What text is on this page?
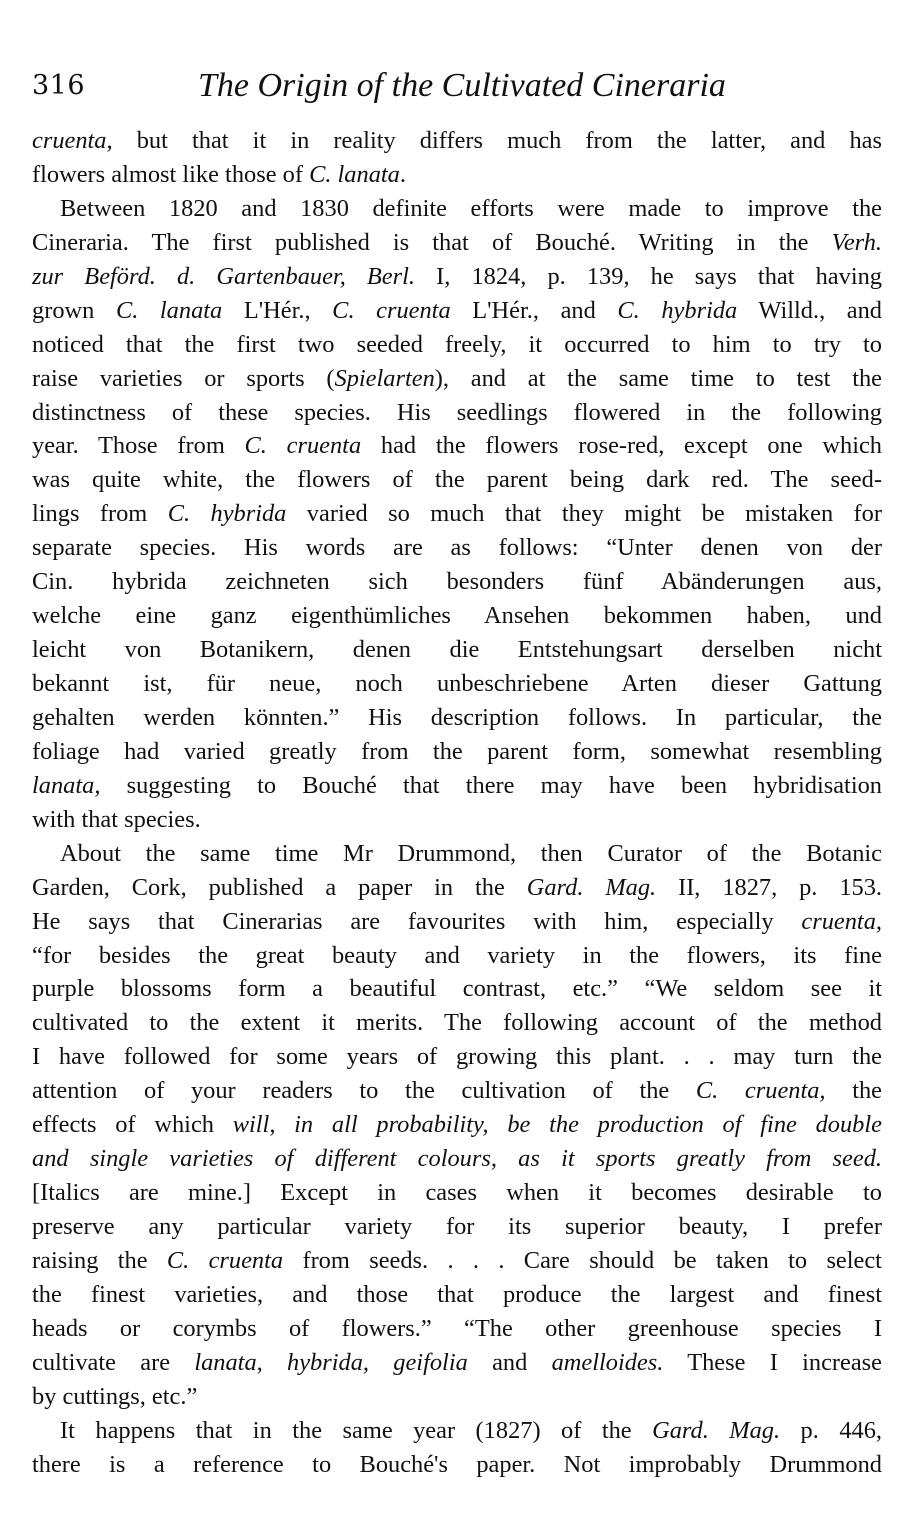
316	The Origin of the Cultivated Cineraria
cruenta, but that it in reality differs much from the latter, and has
flowers almost like those of C. lanata.
Between 1820 and 1830 definite efforts were made to improve the
Cineraria. The first published is that of Bouché. Writing in the Verh.
zur Beförd. d. Gartenbauer, Berl. I, 1824, p. 139, he says that having
grown C. lanata L'Hér., C. cruenta L'Hér., and C. hybrida Willd., and
noticed that the first two seeded freely, it occurred to him to try to
raise varieties or sports (Spielarten), and at the same time to test the
distinctness of these species. His seedlings flowered in the following
year. Those from C. cruenta had the flowers rose-red, except one which
was quite white, the flowers of the parent being dark red. The seed-
lings from C. hybrida varied so much that they might be mistaken for
separate species. His words are as follows: “Unter denen von der
Cin. hybrida zeichneten sich besonders fünf Abänderungen aus,
welche eine ganz eigenthümliches Ansehen bekommen haben, und
leicht von Botanikern, denen die Entstehungsart derselben nicht
bekannt ist, für neue, noch unbeschriebene Arten dieser Gattung
gehalten werden könnten.” His description follows. In particular, the
foliage had varied greatly from the parent form, somewhat resembling
lanata, suggesting to Bouché that there may have been hybridisation
with that species.
About the same time Mr Drummond, then Curator of the Botanic
Garden, Cork, published a paper in the Gard. Mag. II, 1827, p. 153.
He says that Cinerarias are favourites with him, especially cruenta,
“for besides the great beauty and variety in the flowers, its fine
purple blossoms form a beautiful contrast, etc.” “We seldom see it
cultivated to the extent it merits. The following account of the method
I have followed for some years of growing this plant. . . may turn the
attention of your readers to the cultivation of the C. cruenta, the
effects of which will, in all probability, be the production of fine double
and single varieties of different colours, as it sports greatly from seed.
[Italics are mine.] Except in cases when it becomes desirable to
preserve any particular variety for its superior beauty, I prefer
raising the C. cruenta from seeds. . . . Care should be taken to select
the finest varieties, and those that produce the largest and finest
heads or corymbs of flowers.” “The other greenhouse species I
cultivate are lanata, hybrida, geifolia and amelloides. These I increase
by cuttings, etc.”
It happens that in the same year (1827) of the Gard. Mag. p. 446,
there is a reference to Bouché's paper. Not improbably Drummond
